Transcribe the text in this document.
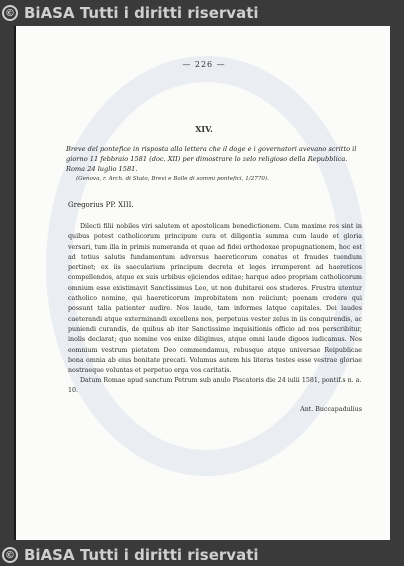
© BiASA Tutti i diritti riservati
— 226 —
XIV.
Breve del pontefice in risposta alla lettera che il doge e i governatori avevano scritto il giorno 11 febbraio 1581 (doc. XII) per dimostrare lo zelo religioso della Repubblica. Roma 24 luglio 1581.
(Genova, r. Arch. di Stato, Brevi e Bolle di sommi pontefici, 1/2770).
Gregorius PP. XIII.
Dilecti filii nobiles viri salutem et apostolicam benedictionem. Cum maxime res sint in quibus potest catholicorum principum cura et diligentia summa cum laude et gloria versari, tum illa in primis numeranda et quae ad fidei orthodoxae propugnationem, hoc est ad totius salutis fundamentum adversus haereticorum conatus et fraudes tuendum pertinet; ex iis saecularium principum decreta et leges irrumperent ad haereticos compellendos, atque ex suis urbibus ejiciendos editae; harque adeo propriam catholicorum omnium esse existimavit Sanctissimus Leo, ut non dubitarei eos studeres. Frustra utentur catholico nomine, qui haereticorum improbitatem non reiiciunt; poenam credere qui possunt talia patienter audire. Nos laude, tam informes latque capitales. Dei laudes caeterandi atque exterminandi excellens nos, perpetuus vester zelus in iis conquirendis, ac puniendi curandis, de quibus ab iter Sanctissime inquisitionis officio ad nos perscribitur, inolis declarat; quo nomine vos enixe diligimus, atque omni laude digoos iudicamus. Nos eomnium vestrum pietatem Deo commendamus, rebusque atque universae Reipublicae bona omnia ab eius bonitate precati. Volumus autem his literas testes esse vestrae gloriae nostraeque voluntas et perpetuo erga vos caritatis.
Datum Romae apud sanctum Petrum sub anulo Piscatoris die 24 iulii 1581, pontif.s n. a. 10.
Ant. Buccapadulius
© BiASA Tutti i diritti riservati
